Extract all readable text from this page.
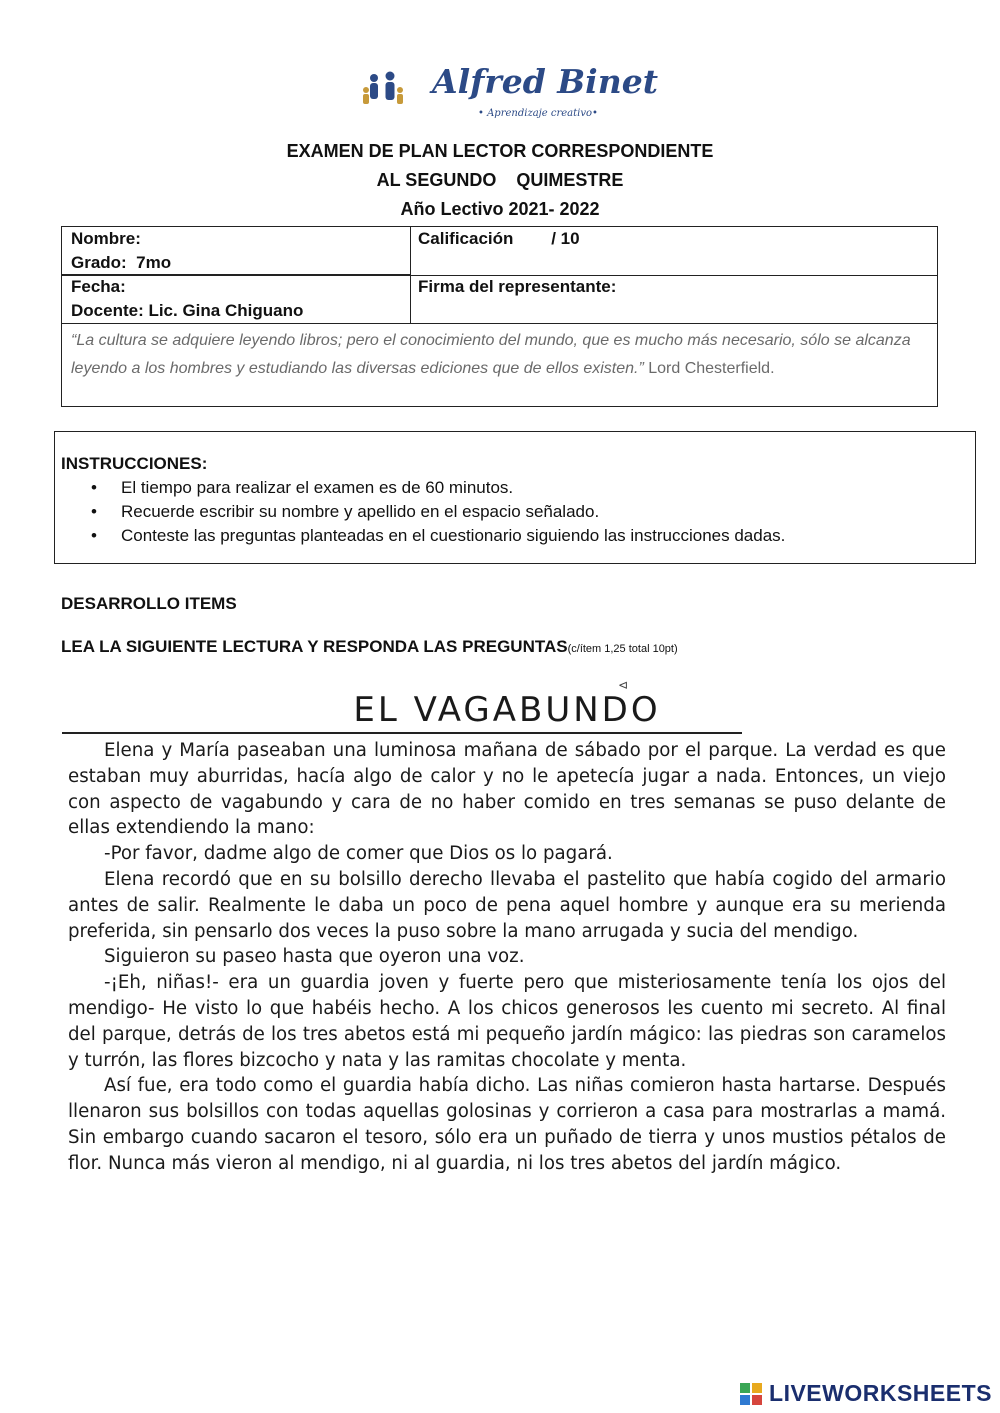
Alfred Binet
• Aprendizaje creativo•
EXAMEN DE PLAN LECTOR CORRESPONDIENTE
AL SEGUNDO    QUIMESTRE
Año Lectivo 2021- 2022
Nombre:
Grado:  7mo
Fecha:
Docente: Lic. Gina Chiguano
Calificación        / 10
Firma del representante:
“La cultura se adquiere leyendo libros; pero el conocimiento del mundo, que es mucho más necesario, sólo se alcanza leyendo a los hombres y estudiando las diversas ediciones que de ellos existen.” Lord Chesterfield.
INSTRUCCIONES:
• El tiempo para realizar el examen es de 60 minutos.
• Recuerde escribir su nombre y apellido en el espacio señalado.
• Conteste las preguntas planteadas en el cuestionario siguiendo las instrucciones dadas.
DESARROLLO ITEMS
LEA LA SIGUIENTE LECTURA Y RESPONDA LAS PREGUNTAS(c/ítem 1,25 total 10pt)
⊲
EL VAGABUNDO

Elena y María paseaban una luminosa mañana de sábado por el parque. La verdad es que estaban muy aburridas, hacía algo de calor y no le apetecía jugar a nada. Entonces, un viejo con aspecto de vagabundo y cara de no haber comido en tres semanas se puso delante de ellas extendiendo la mano:

-Por favor, dadme algo de comer que Dios os lo pagará.

Elena recordó que en su bolsillo derecho llevaba el pastelito que había cogido del armario antes de salir. Realmente le daba un poco de pena aquel hombre y aunque era su merienda preferida, sin pensarlo dos veces la puso sobre la mano arrugada y sucia del mendigo.

Siguieron su paseo hasta que oyeron una voz.

-¡Eh, niñas!- era un guardia joven y fuerte pero que misteriosamente tenía los ojos del mendigo- He visto lo que habéis hecho. A los chicos generosos les cuento mi secreto. Al final del parque, detrás de los tres abetos está mi pequeño jardín mágico: las piedras son caramelos y turrón, las flores bizcocho y nata y las ramitas chocolate y menta.

Así fue, era todo como el guardia había dicho. Las niñas comieron hasta hartarse. Después llenaron sus bolsillos con todas aquellas golosinas y corrieron a casa para mostrarlas a mamá. Sin embargo cuando sacaron el tesoro, sólo era un puñado de tierra y unos mustios pétalos de flor. Nunca más vieron al mendigo, ni al guardia, ni los tres abetos del jardín mágico.

LIVEWORKSHEETS
